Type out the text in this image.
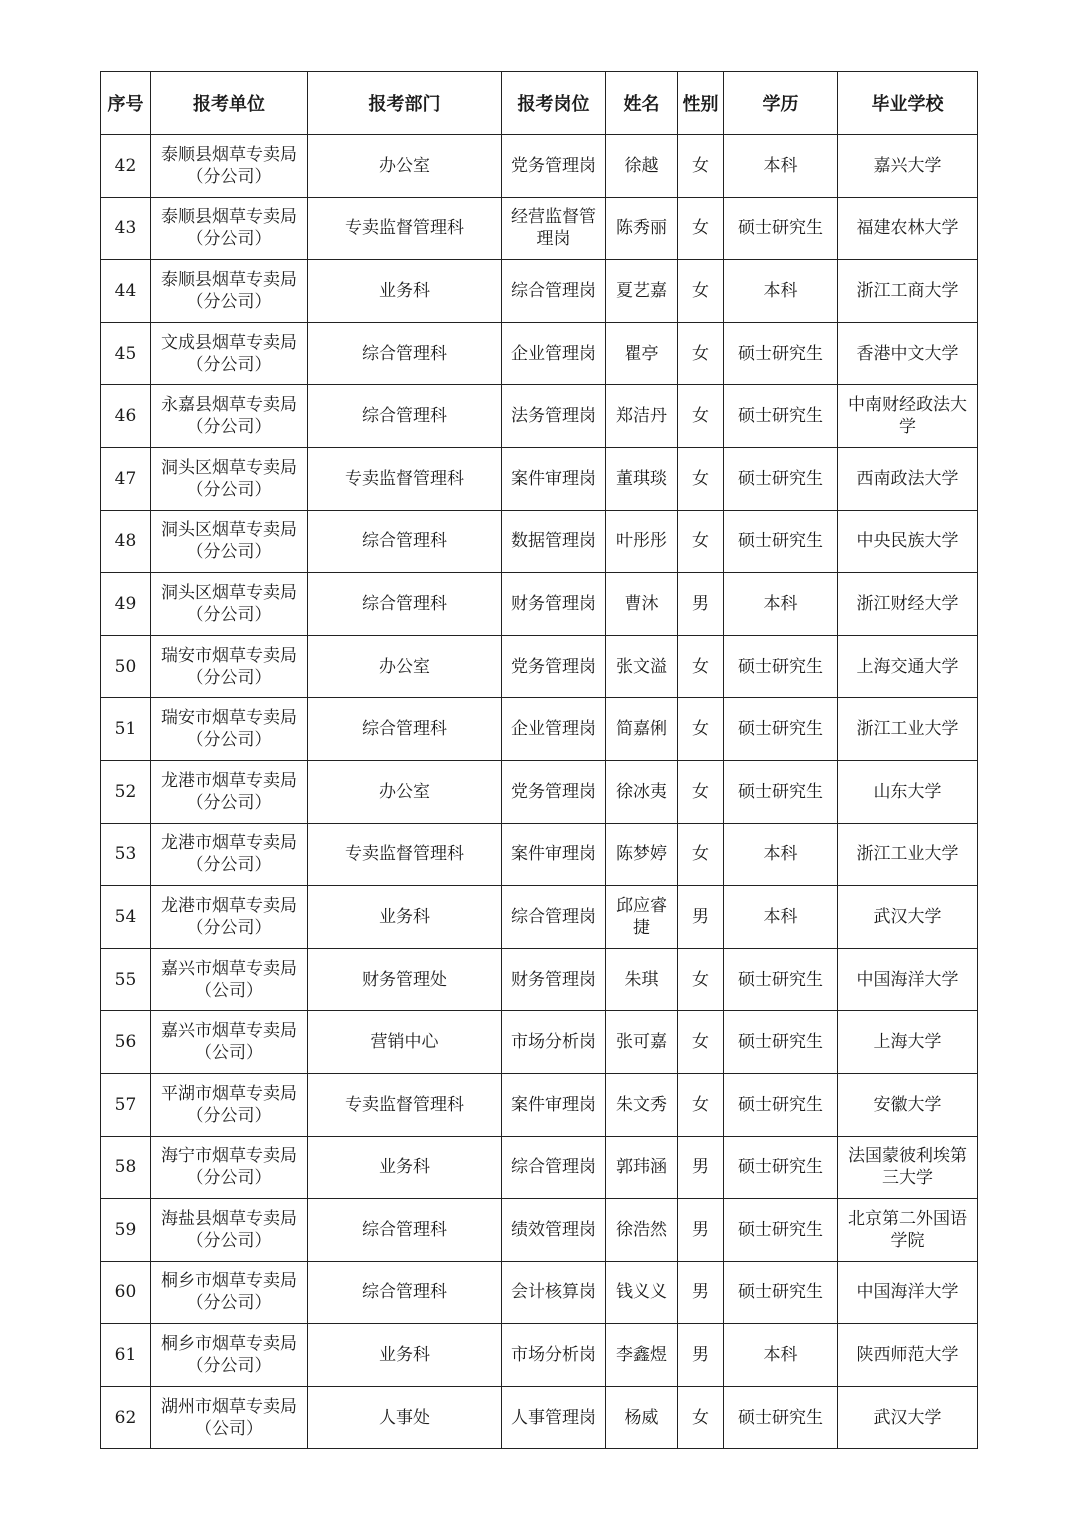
序号	报考单位	报考部门	报考岗位	姓名	性别	学历	毕业学校
42	泰顺县烟草专卖局
（分公司）	办公室	党务管理岗	徐越	女	本科	嘉兴大学
43	泰顺县烟草专卖局
（分公司）	专卖监督管理科	经营监督管理岗	陈秀丽	女	硕士研究生	福建农林大学
44	泰顺县烟草专卖局
（分公司）	业务科	综合管理岗	夏艺嘉	女	本科	浙江工商大学
45	文成县烟草专卖局
（分公司）	综合管理科	企业管理岗	瞿亭	女	硕士研究生	香港中文大学
46	永嘉县烟草专卖局
（分公司）	综合管理科	法务管理岗	郑洁丹	女	硕士研究生	中南财经政法大学
47	洞头区烟草专卖局
（分公司）	专卖监督管理科	案件审理岗	董琪琰	女	硕士研究生	西南政法大学
48	洞头区烟草专卖局
（分公司）	综合管理科	数据管理岗	叶彤彤	女	硕士研究生	中央民族大学
49	洞头区烟草专卖局
（分公司）	综合管理科	财务管理岗	曹沐	男	本科	浙江财经大学
50	瑞安市烟草专卖局
（分公司）	办公室	党务管理岗	张文溢	女	硕士研究生	上海交通大学
51	瑞安市烟草专卖局
（分公司）	综合管理科	企业管理岗	简嘉俐	女	硕士研究生	浙江工业大学
52	龙港市烟草专卖局
（分公司）	办公室	党务管理岗	徐冰夷	女	硕士研究生	山东大学
53	龙港市烟草专卖局
（分公司）	专卖监督管理科	案件审理岗	陈梦婷	女	本科	浙江工业大学
54	龙港市烟草专卖局
（分公司）	业务科	综合管理岗	邱应睿捷	男	本科	武汉大学
55	嘉兴市烟草专卖局
（公司）	财务管理处	财务管理岗	朱琪	女	硕士研究生	中国海洋大学
56	嘉兴市烟草专卖局
（公司）	营销中心	市场分析岗	张可嘉	女	硕士研究生	上海大学
57	平湖市烟草专卖局
（分公司）	专卖监督管理科	案件审理岗	朱文秀	女	硕士研究生	安徽大学
58	海宁市烟草专卖局
（分公司）	业务科	综合管理岗	郭玮涵	男	硕士研究生	法国蒙彼利埃第三大学
59	海盐县烟草专卖局
（分公司）	综合管理科	绩效管理岗	徐浩然	男	硕士研究生	北京第二外国语学院
60	桐乡市烟草专卖局
（分公司）	综合管理科	会计核算岗	钱义义	男	硕士研究生	中国海洋大学
61	桐乡市烟草专卖局
（分公司）	业务科	市场分析岗	李鑫煜	男	本科	陕西师范大学
62	湖州市烟草专卖局
（公司）	人事处	人事管理岗	杨威	女	硕士研究生	武汉大学
